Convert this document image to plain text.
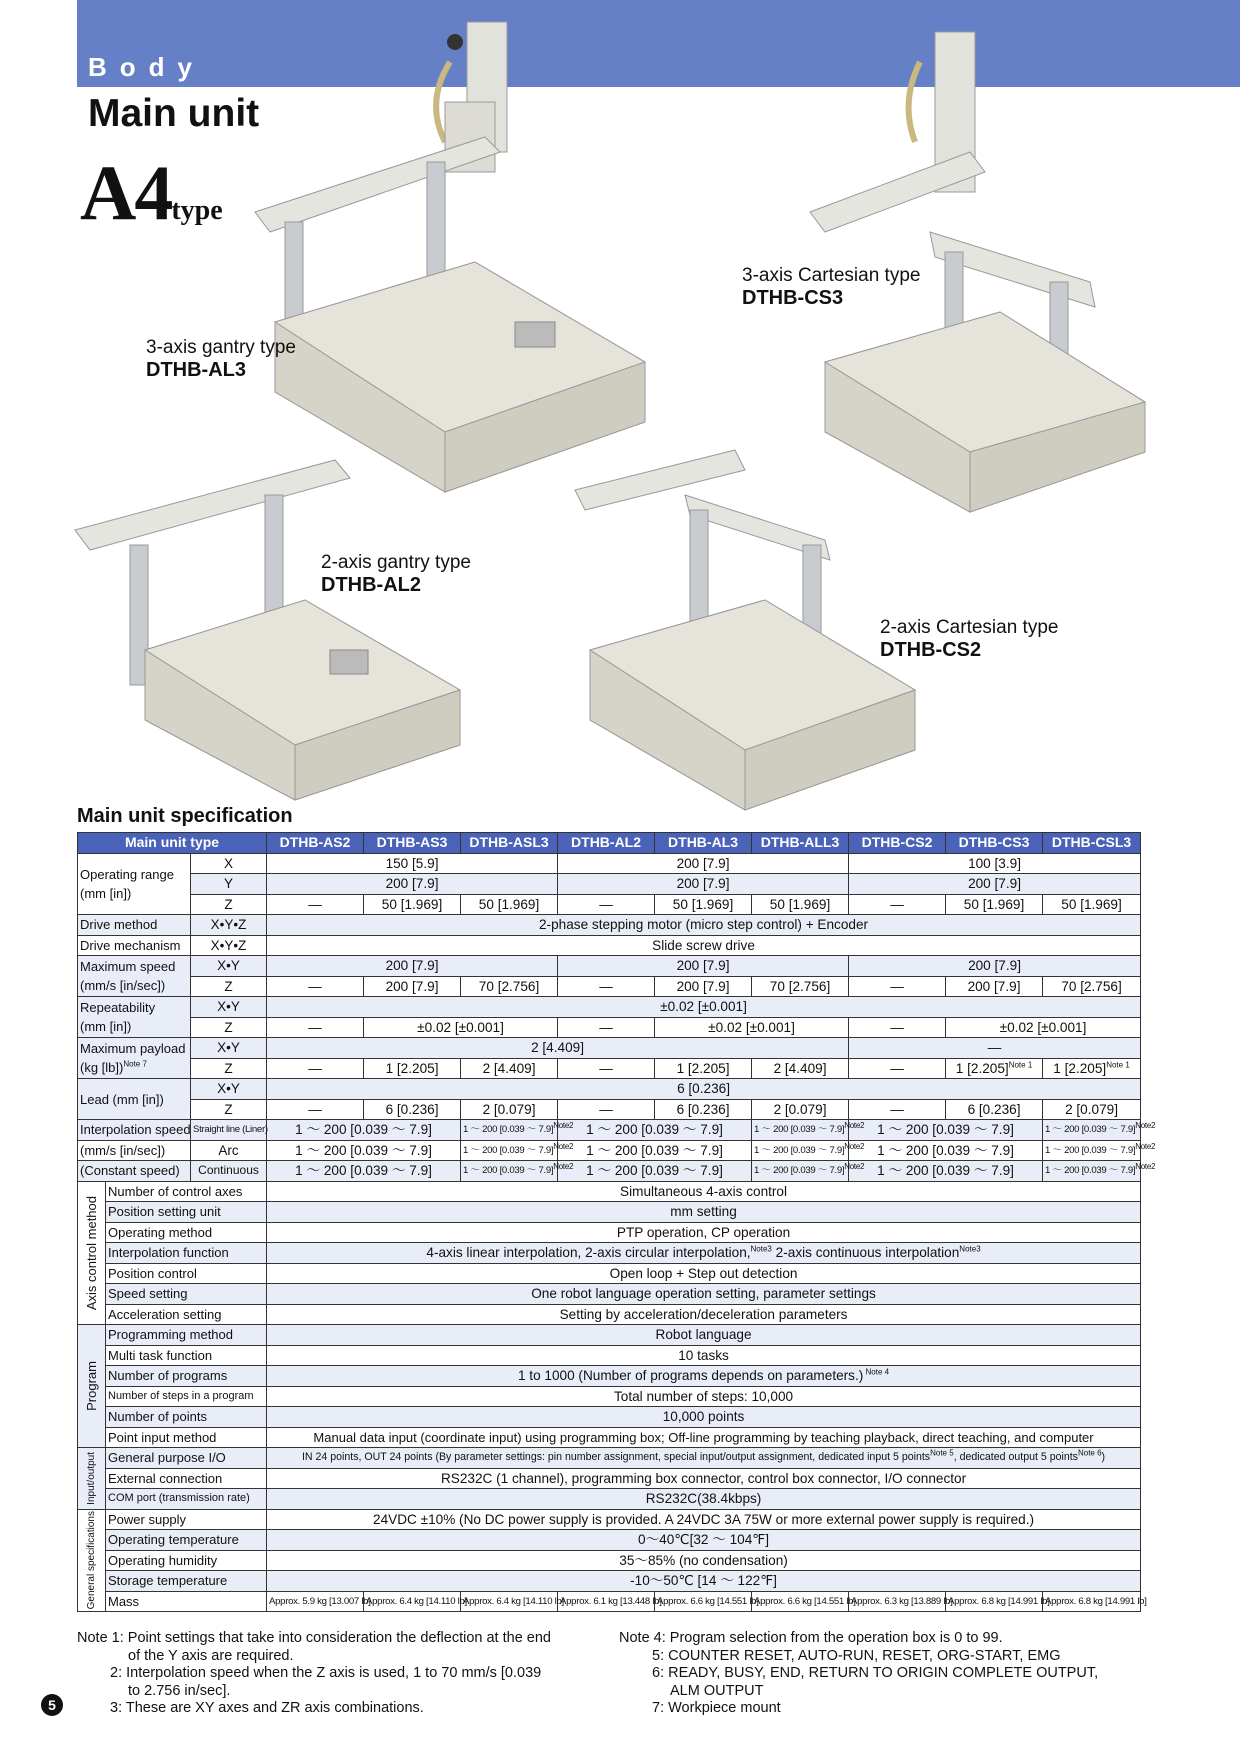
Body
Main unit
A4type
3-axis gantry type
DTHB-AL3
3-axis Cartesian type
DTHB-CS3
2-axis gantry type
DTHB-AL2
2-axis Cartesian type
DTHB-CS2
Main unit specification
Main unit type			DTHB-AS2	DTHB-AS3	DTHB-ASL3	DTHB-AL2	DTHB-AL3	DTHB-ALL3	DTHB-CS2	DTHB-CS3	DTHB-CSL3
Operating range
(mm [in])		X	150 [5.9]			200 [7.9]			100 [3.9]		
		Y	200 [7.9]			200 [7.9]			200 [7.9]		
		Z	—	50 [1.969]	50 [1.969]	—	50 [1.969]	50 [1.969]	—	50 [1.969]	50 [1.969]
Drive method		X•Y•Z	2-phase stepping motor (micro step control) + Encoder								
Drive mechanism		X•Y•Z	Slide screw drive								
Maximum speed
(mm/s [in/sec])		X•Y	200 [7.9]			200 [7.9]			200 [7.9]		
		Z	—	200 [7.9]	70 [2.756]	—	200 [7.9]	70 [2.756]	—	200 [7.9]	70 [2.756]
Repeatability
(mm [in])		X•Y	±0.02 [±0.001]								
		Z	—	±0.02 [±0.001]		—	±0.02 [±0.001]		—	±0.02 [±0.001]	
Maximum payload
(kg [lb])$^{Note 7}$		X•Y	2 [4.409]						—		
		Z	—	1 [2.205]	2 [4.409]	—	1 [2.205]	2 [4.409]	—	1 $[2.205]^{Note 1}$	1 $[2.205]^{Note 1}$
Lead (mm [in])		X•Y	6 [0.236]								
		Z	—	6 [0.236]	2 [0.079]	—	6 [0.236]	2 [0.079]	—	6 [0.236]	2 [0.079]
Interpolation speed		Straight line (Liner)	1 ～ 200 [0.039 ～ 7.9]		1 ～ 200 [0.039 ～ 7.9]$^{Note2}$	1 ～ 200 [0.039 ～ 7.9]		1 ～ 200 [0.039 ～ 7.9]$^{Note2}$	1 ～ 200 [0.039 ～ 7.9]		1 ～ 200 [0.039 ～ 7.9]$^{Note2}$
(mm/s [in/sec])		Arc	1 ～ 200 [0.039 ～ 7.9]		1 ～ 200 [0.039 ～ 7.9]$^{Note2}$	1 ～ 200 [0.039 ～ 7.9]		1 ～ 200 [0.039 ～ 7.9]$^{Note2}$	1 ～ 200 [0.039 ～ 7.9]		1 ～ 200 [0.039 ～ 7.9]$^{Note2}$
(Constant speed)		Continuous	1 ～ 200 [0.039 ～ 7.9]		1 ～ 200 [0.039 ～ 7.9]$^{Note2}$	1 ～ 200 [0.039 ～ 7.9]		1 ～ 200 [0.039 ～ 7.9]$^{Note2}$	1 ～ 200 [0.039 ～ 7.9]		1 ～ 200 [0.039 ～ 7.9]$^{Note2}$

Axis control method	Number of control axes		Simultaneous 4-axis control								
	Position setting unit		mm setting								
	Operating method		PTP operation, CP operation								
	Interpolation function		4-axis linear interpolation, 2-axis circular interpolation,$^{Note3}$ 2-axis continuous interpolation$^{Note3}$
	Position control		Open loop + Step out detection								
	Speed setting		One robot language operation setting, parameter settings								
	Acceleration setting		Setting by acceleration/deceleration parameters								

Program	Programming method		Robot language								
	Multi task function		10 tasks								
	Number of programs		1 to 1000 (Number of programs depends on parameters.) $^{Note 4}$
	Number of steps in a program		Total number of steps: 10,000								
	Number of points		10,000 points								
	Point input method		Manual data input (coordinate input) using programming box; Off-line programming by teaching playback, direct teaching, and computer								

Input/output	General purpose I/O		IN 24 points, OUT 24 points (By parameter settings: pin number assignment, special input/output assignment, dedicated input 5 points$^{Note 5}$, dedicated output 5 points$^{Note 6}$)								
	External connection		RS232C (1 channel), programming box connector, control box connector, I/O connector								
	COM port (transmission rate)		RS232C(38.4kbps)								

General specifications	Power supply		24VDC ±10% (No DC power supply is provided. A 24VDC 3A 75W or more external power supply is required.)								
	Operating temperature		0～40℃[32 ～ 104℉]								
	Operating humidity		35～85% (no condensation)								
	Storage temperature		-10～50℃ [14 ～ 122℉]								
	Mass		Approx. 5.9 kg [13.007 lb]	Approx. 6.4 kg [14.110 lb]	Approx. 6.4 kg [14.110 lb]	Approx. 6.1 kg [13.448 lb]	Approx. 6.6 kg [14.551 lb]	Approx. 6.6 kg [14.551 lb]	Approx. 6.3 kg [13.889 lb]	Approx. 6.8 kg [14.991 lb]	Approx. 6.8 kg [14.991 lb]
Note 1: Point settings that take into consideration the deflection at the end
of the Y axis are required.
2: Interpolation speed when the Z axis is used, 1 to 70 mm/s [0.039
to 2.756 in/sec].
3: These are XY axes and ZR axis combinations.
Note 4: Program selection from the operation box is 0 to 99.
5: COUNTER RESET, AUTO-RUN, RESET, ORG-START, EMG
6: READY, BUSY, END, RETURN TO ORIGIN COMPLETE OUTPUT,
ALM OUTPUT
7: Workpiece mount
5
